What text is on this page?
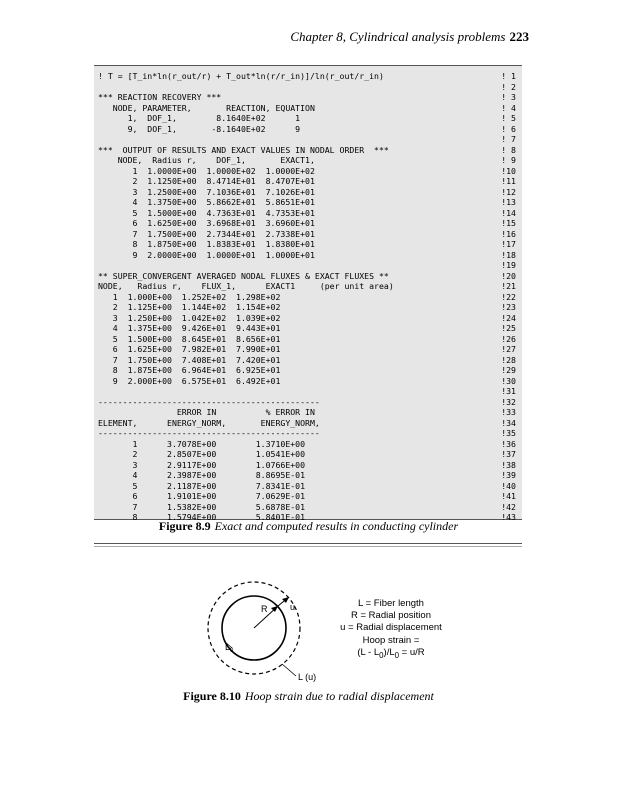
Chapter 8, Cylindrical analysis problems 223
! T = [T_in*ln(r_out/r) + T_out*ln(r/r_in)]/ln(r_out/r_in)

*** REACTION RECOVERY ***
NODE, PARAMETER,       REACTION, EQUATION
1,  DOF_1,        8.1640E+02      1
9,  DOF_1,       -8.1640E+02      9

***  OUTPUT OF RESULTS AND EXACT VALUES IN NODAL ORDER  ***
NODE,  Radius r,    DOF_1,       EXACT1,
1  1.0000E+00  1.0000E+02  1.0000E+02
2  1.1250E+00  8.4714E+01  8.4707E+01
3  1.2500E+00  7.1036E+01  7.1026E+01
4  1.3750E+00  5.8662E+01  5.8651E+01
5  1.5000E+00  4.7363E+01  4.7353E+01
6  1.6250E+00  3.6968E+01  3.6960E+01
7  1.7500E+00  2.7344E+01  2.7338E+01
8  1.8750E+00  1.8383E+01  1.8380E+01
9  2.0000E+00  1.0000E+01  1.0000E+01

** SUPER_CONVERGENT AVERAGED NODAL FLUXES & EXACT FLUXES **
NODE,   Radius r,    FLUX_1,      EXACT1     (per unit area)
1  1.000E+00  1.252E+02  1.298E+02
2  1.125E+00  1.144E+02  1.154E+02
3  1.250E+00  1.042E+02  1.039E+02
4  1.375E+00  9.426E+01  9.443E+01
5  1.500E+00  8.645E+01  8.656E+01
6  1.625E+00  7.982E+01  7.990E+01
7  1.750E+00  7.408E+01  7.420E+01
8  1.875E+00  6.964E+01  6.925E+01
9  2.000E+00  6.575E+01  6.492E+01

---------------------------------------------
ERROR IN          % ERROR IN
ELEMENT,      ENERGY_NORM,       ENERGY_NORM,
---------------------------------------------
1      3.7078E+00        1.3710E+00
2      2.8507E+00        1.0541E+00
3      2.9117E+00        1.0766E+00
4      2.3987E+00        8.8695E-01
5      2.1187E+00        7.8341E-01
6      1.9101E+00        7.0629E-01
7      1.5382E+00        5.6878E-01
8      1.5794E+00        5.8401E-01
! 1
! 2
! 3
! 4
! 5
! 6
! 7
! 8
! 9
!10
!11
!12
!13
!14
!15
!16
!17
!18
!19
!20
!21
!22
!23
!24
!25
!26
!27
!28
!29
!30
!31
!32
!33
!34
!35
!36
!37
!38
!39
!40
!41
!42
!43
Figure 8.9 Exact and computed results in conducting cylinder
R	u
$L_0$
L (u)
L = Fiber length
R = Radial position
u = Radial displacement
Hoop strain =
$(L - L_0)/L_0 = u/R$
Figure 8.10 Hoop strain due to radial displacement
